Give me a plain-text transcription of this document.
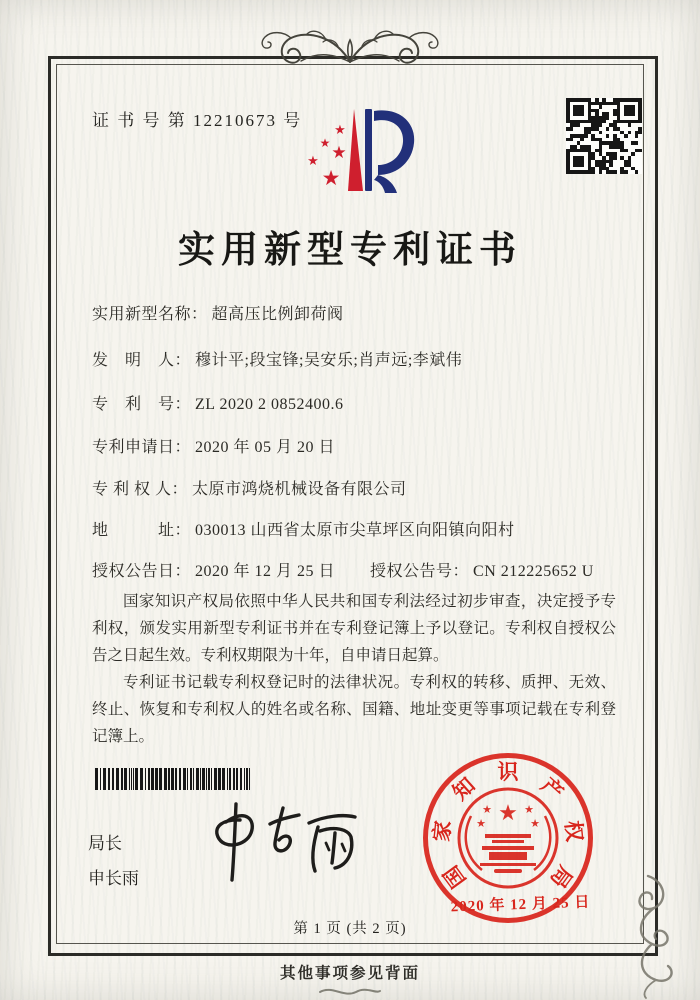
证 书 号 第 12210673 号 ★
★ ★
★
★
实用新型专利证书
实用新型名称： 超高压比例卸荷阀
发　明　人： 穆计平;段宝锋;吴安乐;肖声远;李斌伟
专　利　号： ZL 2020 2 0852400.6
专利申请日： 2020 年 05 月 20 日
专 利 权 人： 太原市鸿烧机械设备有限公司
地　　　址： 030013 山西省太原市尖草坪区向阳镇向阳村
授权公告日： 2020 年 12 月 25 日 授权公告号： CN 212225652 U

国家知识产权局依照中华人民共和国专利法经过初步审查，决定授予专利权，颁发实用新型专利证书并在专利登记簿上予以登记。专利权自授权公告之日起生效。专利权期限为十年，自申请日起算。

专利证书记载专利权登记时的法律状况。专利权的转移、质押、无效、终止、恢复和专利权人的姓名或名称、国籍、地址变更等事项记载在专利登记簿上。

局长
申长雨
★
★	★
★	★
国
家
知
识
产
权
局
2020 年 12 月 25 日
第 1 页 (共 2 页)
其他事项参见背面
